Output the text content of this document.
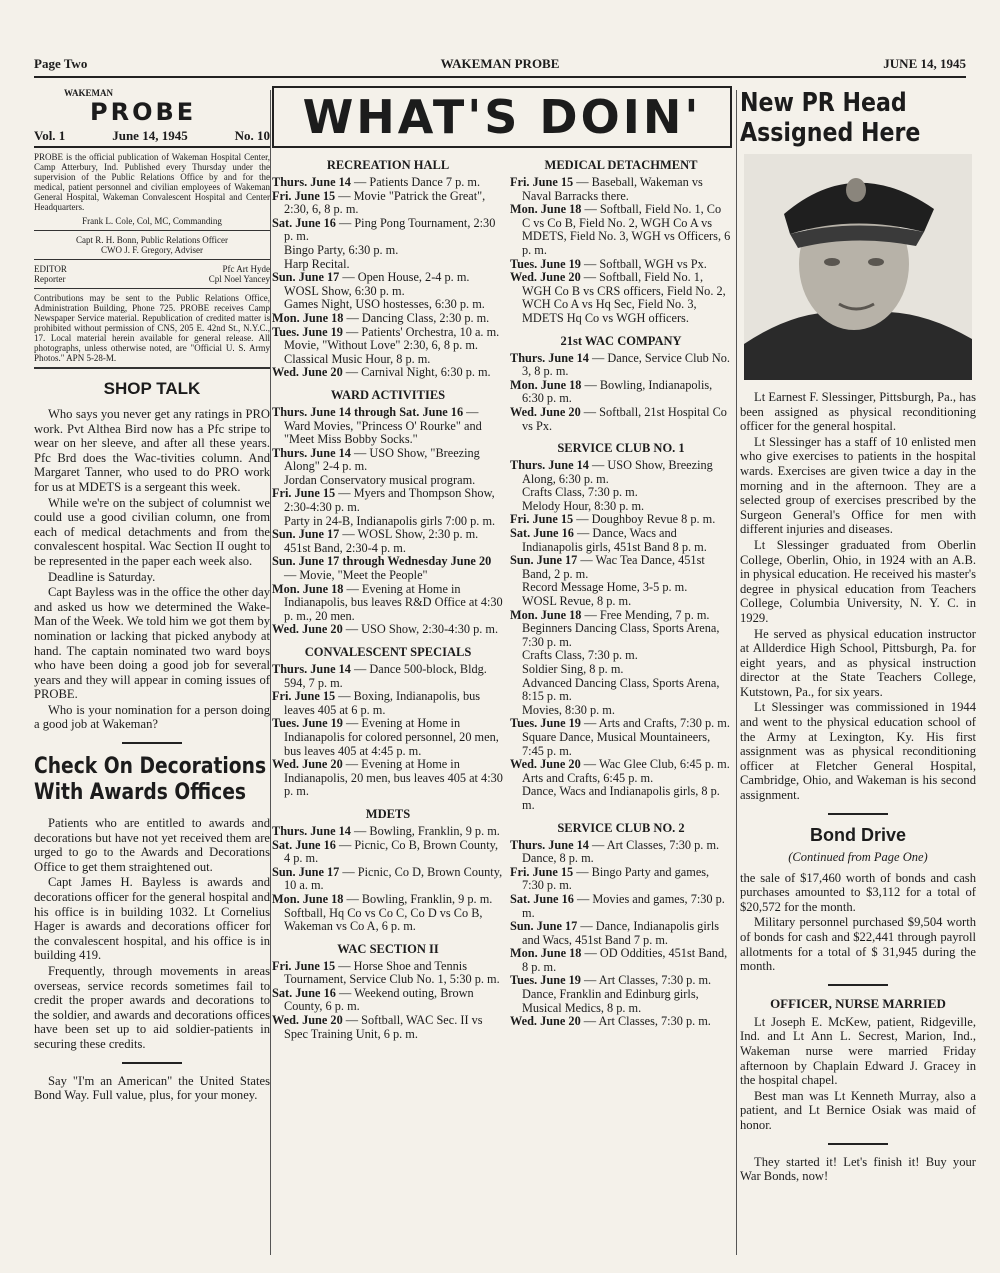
Page Two	WAKEMAN PROBE	JUNE 14, 1945
WAKEMAN
PROBE
Vol. 1	June 14, 1945	No. 10

PROBE is the official publication of Wakeman Hospital Center, Camp Atterbury, Ind. Published every Thursday under the supervision of the Public Relations Office by and for the medical, patient personnel and civilian employees of Wakeman General Hospital, Wakeman Convalescent Hospital and Center Headquarters.

Frank L. Cole, Col, MC, Commanding

Capt R. H. Bonn, Public Relations Officer

CWO J. F. Gregory, Adviser

EDITOR	Pfc Art Hyde
Reporter	Cpl Noel Yancey

Contributions may be sent to the Public Relations Office, Administration Building, Phone 725. PROBE receives Camp Newspaper Service material. Republication of credited matter is prohibited without permission of CNS, 205 E. 42nd St., N.Y.C., 17. Local material herein available for general release. All photographs, unless otherwise noted, are "Official U. S. Army Photos." APN 5-28-M.

SHOP TALK

Who says you never get any ratings in PRO work. Pvt Althea Bird now has a Pfc stripe to wear on her sleeve, and after all these years. Pfc Brd does the Wac-tivities column. And Margaret Tanner, who used to do PRO work for us at MDETS is a sergeant this week.

While we're on the subject of columnist we could use a good civilian column, one from each of medical detachments and from the convalescent hospital. Wac Section II ought to be represented in the paper each week also.

Deadline is Saturday.

Capt Bayless was in the office the other day and asked us how we determined the Wake-Man of the Week. We told him we got them by nomination or lacking that picked anybody at hand. The captain nominated two ward boys who have been doing a good job for several years and they will appear in coming issues of PROBE.

Who is your nomination for a person doing a good job at Wakeman?

Check On Decorations
With Awards Offices

Patients who are entitled to awards and decorations but have not yet received them are urged to go to the Awards and Decorations Office to get them straightened out.

Capt James H. Bayless is awards and decorations officer for the general hospital and his office is in building 1032. Lt Cornelius Hager is awards and decorations officer for the convalescent hospital, and his office is in building 419.

Frequently, through movements in areas overseas, service records sometimes fail to credit the proper awards and decorations to the soldier, and awards and decorations offices have been set up to aid soldier-patients in securing these credits.

Say "I'm an American" the United States Bond Way. Full value, plus, for your money.

WHAT'S DOIN'
RECREATION HALL

Thurs. June 14 — Patients Dance 7 p. m.

Fri. June 15 — Movie "Patrick the Great", 2:30, 6, 8 p. m.

Sat. June 16 — Ping Pong Tournament, 2:30 p. m.

Bingo Party, 6:30 p. m.

Harp Recital.

Sun. June 17 — Open House, 2-4 p. m.

WOSL Show, 6:30 p. m.

Games Night, USO hostesses, 6:30 p. m.

Mon. June 18 — Dancing Class, 2:30 p. m.

Tues. June 19 — Patients' Orchestra, 10 a. m.

Movie, "Without Love" 2:30, 6, 8 p. m.

Classical Music Hour, 8 p. m.

Wed. June 20 — Carnival Night, 6:30 p. m.

WARD ACTIVITIES

Thurs. June 14 through Sat. June 16 — Ward Movies, "Princess O' Rourke" and "Meet Miss Bobby Socks."

Thurs. June 14 — USO Show, "Breezing Along" 2-4 p. m.

Jordan Conservatory musical program.

Fri. June 15 — Myers and Thompson Show, 2:30-4:30 p. m.

Party in 24-B, Indianapolis girls 7:00 p. m.

Sun. June 17 — WOSL Show, 2:30 p. m.

451st Band, 2:30-4 p. m.

Sun. June 17 through Wednesday June 20 — Movie, "Meet the People"

Mon. June 18 — Evening at Home in Indianapolis, bus leaves R&D Office at 4:30 p. m., 20 men.

Wed. June 20 — USO Show, 2:30-4:30 p. m.

CONVALESCENT SPECIALS

Thurs. June 14 — Dance 500-block, Bldg. 594, 7 p. m.

Fri. June 15 — Boxing, Indianapolis, bus leaves 405 at 6 p. m.

Tues. June 19 — Evening at Home in Indianapolis for colored personnel, 20 men, bus leaves 405 at 4:45 p. m.

Wed. June 20 — Evening at Home in Indianapolis, 20 men, bus leaves 405 at 4:30 p. m.

MDETS

Thurs. June 14 — Bowling, Franklin, 9 p. m.

Sat. June 16 — Picnic, Co B, Brown County, 4 p. m.

Sun. June 17 — Picnic, Co D, Brown County, 10 a. m.

Mon. June 18 — Bowling, Franklin, 9 p. m.

Softball, Hq Co vs Co C, Co D vs Co B, Wakeman vs Co A, 6 p. m.

WAC SECTION II

Fri. June 15 — Horse Shoe and Tennis Tournament, Service Club No. 1, 5:30 p. m.

Sat. June 16 — Weekend outing, Brown County, 6 p. m.

Wed. June 20 — Softball, WAC Sec. II vs Spec Training Unit, 6 p. m.

MEDICAL DETACHMENT

Fri. June 15 — Baseball, Wakeman vs Naval Barracks there.

Mon. June 18 — Softball, Field No. 1, Co C vs Co B, Field No. 2, WGH Co A vs MDETS, Field No. 3, WGH vs Officers, 6 p. m.

Tues. June 19 — Softball, WGH vs Px.

Wed. June 20 — Softball, Field No. 1, WGH Co B vs CRS officers, Field No. 2, WCH Co A vs Hq Sec, Field No. 3, MDETS Hq Co vs WGH officers.

21st WAC COMPANY

Thurs. June 14 — Dance, Service Club No. 3, 8 p. m.

Mon. June 18 — Bowling, Indianapolis, 6:30 p. m.

Wed. June 20 — Softball, 21st Hospital Co vs Px.

SERVICE CLUB NO. 1

Thurs. June 14 — USO Show, Breezing Along, 6:30 p. m.

Crafts Class, 7:30 p. m.

Melody Hour, 8:30 p. m.

Fri. June 15 — Doughboy Revue 8 p. m.

Sat. June 16 — Dance, Wacs and Indianapolis girls, 451st Band 8 p. m.

Sun. June 17 — Wac Tea Dance, 451st Band, 2 p. m.

Record Message Home, 3-5 p. m.

WOSL Revue, 8 p. m.

Mon. June 18 — Free Mending, 7 p. m.

Beginners Dancing Class, Sports Arena, 7:30 p. m.

Crafts Class, 7:30 p. m.

Soldier Sing, 8 p. m.

Advanced Dancing Class, Sports Arena, 8:15 p. m.

Movies, 8:30 p. m.

Tues. June 19 — Arts and Crafts, 7:30 p. m.

Square Dance, Musical Mountaineers, 7:45 p. m.

Wed. June 20 — Wac Glee Club, 6:45 p. m.

Arts and Crafts, 6:45 p. m.

Dance, Wacs and Indianapolis girls, 8 p. m.

SERVICE CLUB NO. 2

Thurs. June 14 — Art Classes, 7:30 p. m.

Dance, 8 p. m.

Fri. June 15 — Bingo Party and games, 7:30 p. m.

Sat. June 16 — Movies and games, 7:30 p. m.

Sun. June 17 — Dance, Indianapolis girls and Wacs, 451st Band 7 p. m.

Mon. June 18 — OD Oddities, 451st Band, 8 p. m.

Tues. June 19 — Art Classes, 7:30 p. m.

Dance, Franklin and Edinburg girls, Musical Medics, 8 p. m.

Wed. June 20 — Art Classes, 7:30 p. m.

New PR Head
Assigned Here

Lt Earnest F. Slessinger, Pittsburgh, Pa., has been assigned as physical reconditioning officer for the general hospital.

Lt Slessinger has a staff of 10 enlisted men who give exercises to patients in the hospital wards. Exercises are given twice a day in the morning and in the afternoon. They are a selected group of exercises prescribed by the Surgeon General's Office for men with different injuries and diseases.

Lt Slessinger graduated from Oberlin College, Oberlin, Ohio, in 1924 with an A.B. in physical education. He received his master's degree in physical education from Teachers College, Columbia University, N. Y. C. in 1929.

He served as physical education instructor at Allderdice High School, Pittsburgh, Pa. for eight years, and as physical instruction director at the State Teachers College, Kutstown, Pa., for six years.

Lt Slessinger was commissioned in 1944 and went to the physical education school of the Army at Lexington, Ky. His first assignment was as physical reconditioning officer at Fletcher General Hospital, Cambridge, Ohio, and Wakeman is his second assignment.

Bond Drive
(Continued from Page One)

the sale of $17,460 worth of bonds and cash purchases amounted to $3,112 for a total of $20,572 for the month.

Military personnel purchased $9,504 worth of bonds for cash and $22,441 through payroll allotments for a total of $ 31,945 during the month.

OFFICER, NURSE MARRIED

Lt Joseph E. McKew, patient, Ridgeville, Ind. and Lt Ann L. Secrest, Marion, Ind., Wakeman nurse were married Friday afternoon by Chaplain Edward J. Gracey in the hospital chapel.

Best man was Lt Kenneth Murray, also a patient, and Lt Bernice Osiak was maid of honor.

They started it! Let's finish it! Buy your War Bonds, now!
